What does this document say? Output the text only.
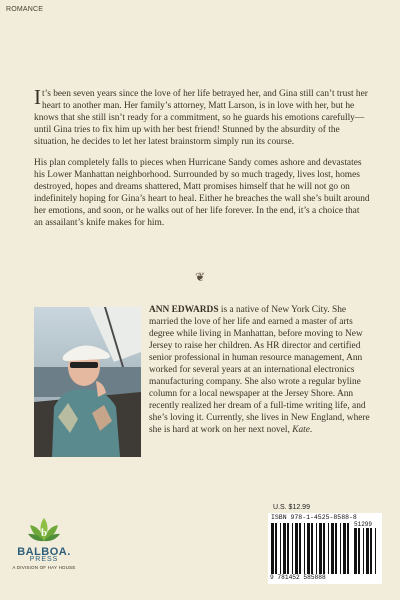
ROMANCE

It’s been seven years since the love of her life betrayed her, and Gina still can’t trust her heart to another man. Her family’s attorney, Matt Larson, is in love with her, but he knows that she still isn’t ready for a commitment, so he guards his emotions carefully—until Gina tries to fix him up with her best friend! Stunned by the absurdity of the situation, he decides to let her latest brainstorm simply run its course.

His plan completely falls to pieces when Hurricane Sandy comes ashore and devastates his Lower Manhattan neighborhood. Surrounded by so much tragedy, lives lost, homes destroyed, hopes and dreams shattered, Matt promises himself that he will not go on indefinitely hoping for Gina’s heart to heal. Either he breaches the wall she’s built around her emotions, and soon, or he walks out of her life forever. In the end, it’s a choice that an assailant’s knife makes for him.

❦
ANN EDWARDS is a native of New York City. She married the love of her life and earned a master of arts degree while living in Manhattan, before moving to New Jersey to raise her children. As HR director and certified senior professional in human resource management, Ann worked for several years at an international electronics manufacturing company. She also wrote a regular byline column for a local newspaper at the Jersey Shore. Ann recently realized her dream of a full-time writing life, and she’s loving it. Currently, she lives in New England, where she is hard at work on her next novel, Kate.
b
BALBOA.
PRESS
A DIVISION OF HAY HOUSE
U.S. $12.99
ISBN 978-1-4525-8588-8
51299
9 781452 585888
